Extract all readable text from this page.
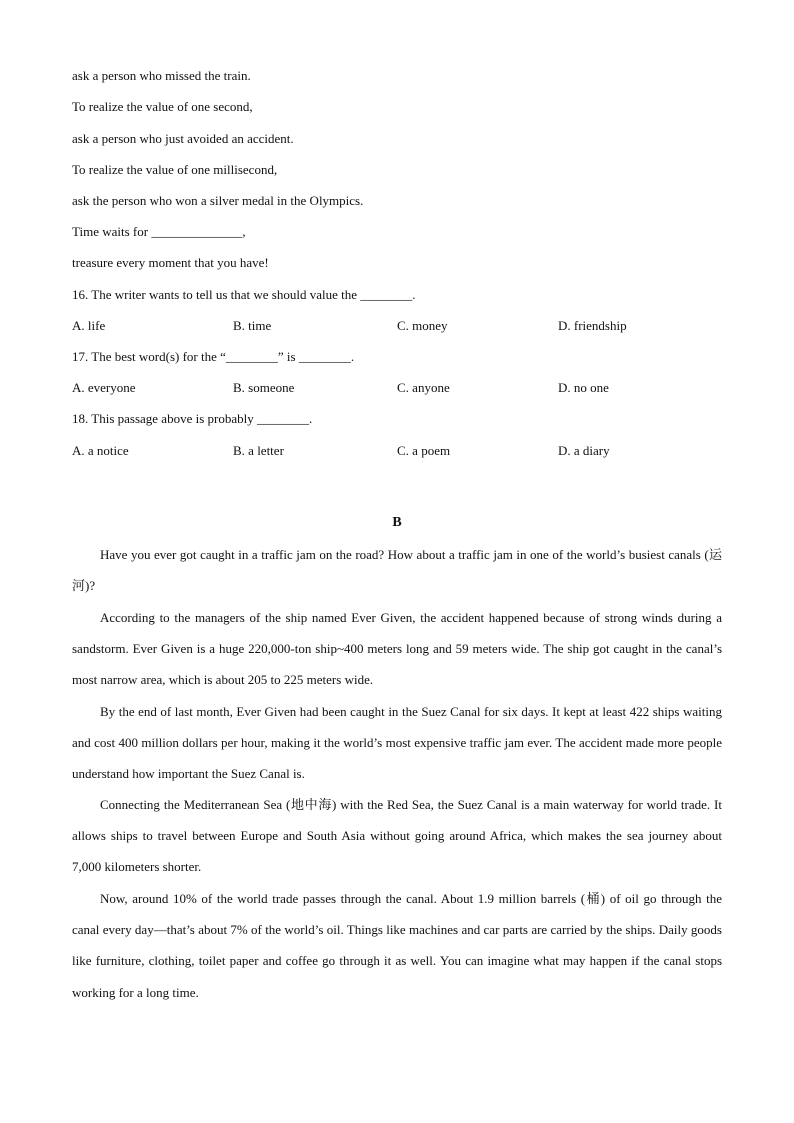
ask a person who missed the train.
To realize the value of one second,
ask a person who just avoided an accident.
To realize the value of one millisecond,
ask the person who won a silver medal in the Olympics.
Time waits for ______________,
treasure every moment that you have!
16. The writer wants to tell us that we should value the ________.
A. life	B. time	C. money	D. friendship
17. The best word(s) for the “________” is ________.
A. everyone	B. someone	C. anyone	D. no one
18. This passage above is probably ________.
A. a notice	B. a letter	C. a poem	D. a diary
B

Have you ever got caught in a traffic jam on the road? How about a traffic jam in one of the world’s busiest canals (运河)?

According to the managers of the ship named Ever Given, the accident happened because of strong winds during a sandstorm. Ever Given is a huge 220,000-ton ship~400 meters long and 59 meters wide. The ship got caught in the canal’s most narrow area, which is about 205 to 225 meters wide.

By the end of last month, Ever Given had been caught in the Suez Canal for six days. It kept at least 422 ships waiting and cost 400 million dollars per hour, making it the world’s most expensive traffic jam ever. The accident made more people understand how important the Suez Canal is.

Connecting the Mediterranean Sea (地中海) with the Red Sea, the Suez Canal is a main waterway for world trade. It allows ships to travel between Europe and South Asia without going around Africa, which makes the sea journey about 7,000 kilometers shorter.

Now, around 10% of the world trade passes through the canal. About 1.9 million barrels (桶) of oil go through the canal every day—that’s about 7% of the world’s oil. Things like machines and car parts are carried by the ships. Daily goods like furniture, clothing, toilet paper and coffee go through it as well. You can imagine what may happen if the canal stops working for a long time.
